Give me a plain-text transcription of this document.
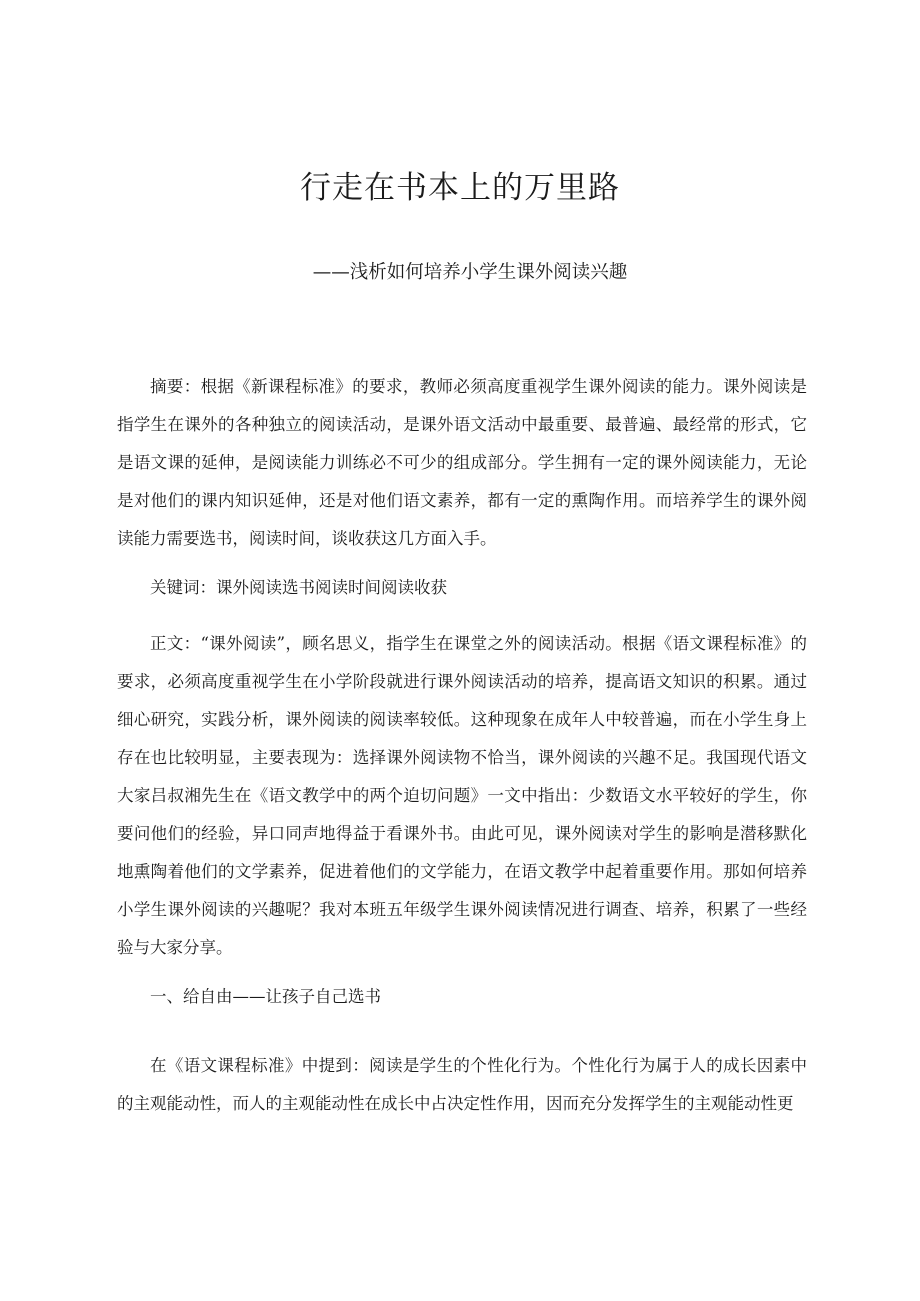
行走在书本上的万里路
——浅析如何培养小学生课外阅读兴趣

摘要：根据《新课程标准》的要求，教师必须高度重视学生课外阅读的能力。课外阅读是指学生在课外的各种独立的阅读活动，是课外语文活动中最重要、最普遍、最经常的形式，它是语文课的延伸，是阅读能力训练必不可少的组成部分。学生拥有一定的课外阅读能力，无论是对他们的课内知识延伸，还是对他们语文素养，都有一定的熏陶作用。而培养学生的课外阅读能力需要选书，阅读时间，谈收获这几方面入手。

关键词：课外阅读选书阅读时间阅读收获

正文：“课外阅读”，顾名思义，指学生在课堂之外的阅读活动。根据《语文课程标准》的要求，必须高度重视学生在小学阶段就进行课外阅读活动的培养，提高语文知识的积累。通过细心研究，实践分析，课外阅读的阅读率较低。这种现象在成年人中较普遍，而在小学生身上存在也比较明显，主要表现为：选择课外阅读物不恰当，课外阅读的兴趣不足。我国现代语文大家吕叔湘先生在《语文教学中的两个迫切问题》一文中指出：少数语文水平较好的学生，你要问他们的经验，异口同声地得益于看课外书。由此可见，课外阅读对学生的影响是潜移默化地熏陶着他们的文学素养，促进着他们的文学能力，在语文教学中起着重要作用。那如何培养小学生课外阅读的兴趣呢？我对本班五年级学生课外阅读情况进行调查、培养，积累了一些经验与大家分享。

一、给自由——让孩子自己选书

在《语文课程标准》中提到：阅读是学生的个性化行为。个性化行为属于人的成长因素中的主观能动性，而人的主观能动性在成长中占决定性作用，因而充分发挥学生的主观能动性更
